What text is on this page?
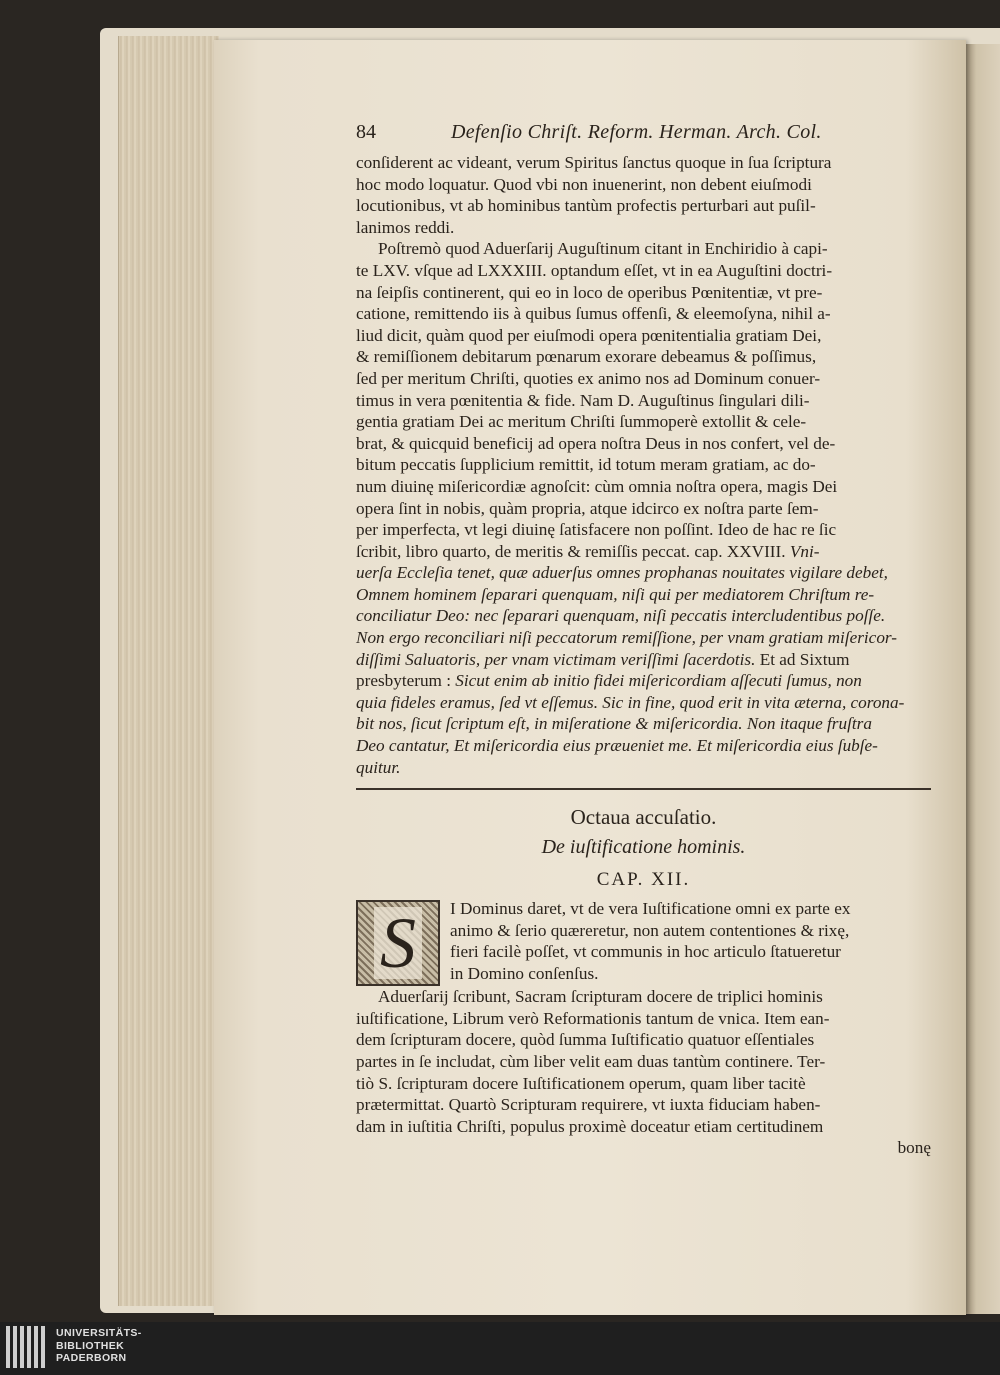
84	Defenſio Chriſt. Reform. Herman. Arch. Col.

conſiderent ac videant, verum Spiritus ſanctus quoque in ſua ſcriptura
hoc modo loquatur. Quod vbi non inuenerint, non debent eiuſmodi
locutionibus, vt ab hominibus tantùm profectis perturbari aut puſil-
lanimos reddi.

Poſtremò quod Aduerſarij Auguſtinum citant in Enchiridio à capi-
te LXV. vſque ad LXXXIII. optandum eſſet, vt in ea Auguſtini doctri-
na ſeipſis continerent, qui eo in loco de operibus Pœnitentiæ, vt pre-
catione, remittendo iis à quibus ſumus offenſi, & eleemoſyna, nihil a-
liud dicit, quàm quod per eiuſmodi opera pœnitentialia gratiam Dei,
& remiſſionem debitarum pœnarum exorare debeamus & poſſimus,
ſed per meritum Chriſti, quoties ex animo nos ad Dominum conuer-
timus in vera pœnitentia & fide. Nam D. Auguſtinus ſingulari dili-
gentia gratiam Dei ac meritum Chriſti ſummoperè extollit & cele-
brat, & quicquid beneficij ad opera noſtra Deus in nos confert, vel de-
bitum peccatis ſupplicium remittit, id totum meram gratiam, ac do-
num diuinę miſericordiæ agnoſcit: cùm omnia noſtra opera, magis Dei
opera ſint in nobis, quàm propria, atque idcirco ex noſtra parte ſem-
per imperfecta, vt legi diuinę ſatisfacere non poſſint. Ideo de hac re ſic
ſcribit, libro quarto, de meritis & remiſſis peccat. cap. XXVIII. Vni-
uerſa Eccleſia tenet, quæ aduerſus omnes prophanas nouitates vigilare debet,
Omnem hominem ſeparari quenquam, niſi qui per mediatorem Chriſtum re-
conciliatur Deo: nec ſeparari quenquam, niſi peccatis intercludentibus poſſe.
Non ergo reconciliari niſi peccatorum remiſſione, per vnam gratiam miſericor-
diſſimi Saluatoris, per vnam victimam veriſſimi ſacerdotis. Et ad Sixtum
presbyterum : Sicut enim ab initio fidei miſericordiam aſſecuti ſumus, non
quia fideles eramus, ſed vt eſſemus. Sic in fine, quod erit in vita æterna, corona-
bit nos, ſicut ſcriptum eſt, in miſeratione & miſericordia. Non itaque fruſtra
Deo cantatur, Et miſericordia eius præueniet me. Et miſericordia eius ſubſe-
quitur.

Octaua accuſatio.
De iuſtificatione hominis.
CAP. XII.
S	I Dominus daret, vt de vera Iuſtificatione omni ex parte ex
animo & ſerio quæreretur, non autem contentiones & rixę,
fieri facilè poſſet, vt communis in hoc articulo ſtatueretur
in Domino conſenſus.

Aduerſarij ſcribunt, Sacram ſcripturam docere de triplici hominis
iuſtificatione, Librum verò Reformationis tantum de vnica. Item ean-
dem ſcripturam docere, quòd ſumma Iuſtificatio quatuor eſſentiales
partes in ſe includat, cùm liber velit eam duas tantùm continere. Ter-
tiò S. ſcripturam docere Iuſtificationem operum, quam liber tacitè
prætermittat. Quartò Scripturam requirere, vt iuxta fiduciam haben-
dam in iuſtitia Chriſti, populus proximè doceatur etiam certitudinem

bonę
UNIVERSITÄTS-
BIBLIOTHEK
PADERBORN
